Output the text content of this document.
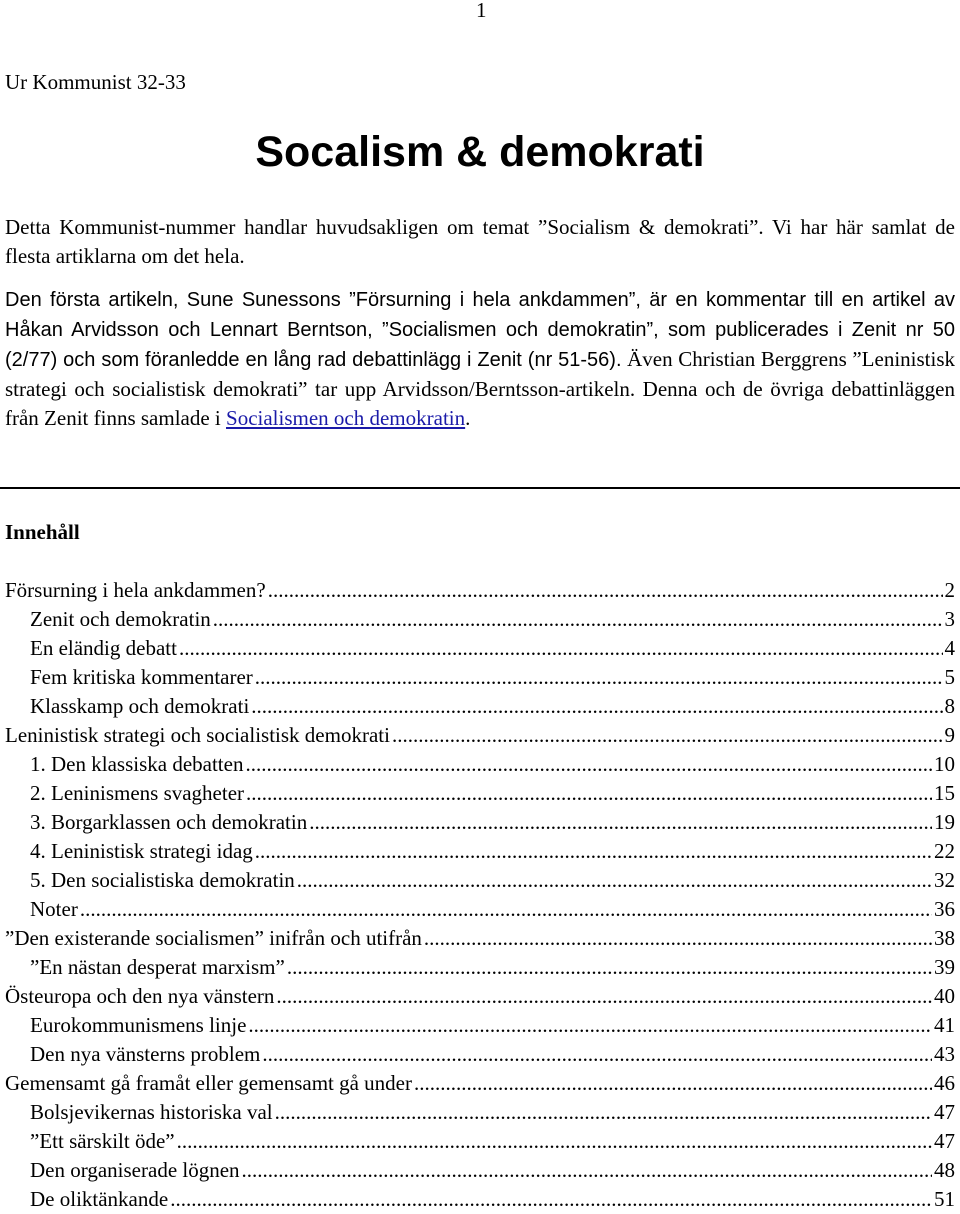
1
Ur Kommunist 32-33
Socalism & demokrati

Detta Kommunist-nummer handlar huvudsakligen om temat ”Socialism & demokrati”. Vi har här samlat de flesta artiklarna om det hela.

Den första artikeln, Sune Sunessons ”Försurning i hela ankdammen”, är en kommentar till en artikel av Håkan Arvidsson och Lennart Berntson, ”Socialismen och demokratin”, som publicerades i Zenit nr 50 (2/77) och som föranledde en lång rad debattinlägg i Zenit (nr 51-56). Även Christian Berggrens ”Leninistisk strategi och socialistisk demokrati” tar upp Arvidsson/Berntsson-artikeln. Denna och de övriga debattinläggen från Zenit finns samlade i Socialismen och demokratin.

Innehåll
Försurning i hela ankdammen? .....	2
Zenit och demokratin .....	3
En eländig debatt .....	4
Fem kritiska kommentarer .....	5
Klasskamp och demokrati .....	8
Leninistisk strategi och socialistisk demokrati .....	9
1. Den klassiska debatten .....	10
2. Leninismens svagheter .....	15
3. Borgarklassen och demokratin .....	19
4. Leninistisk strategi idag .....	22
5. Den socialistiska demokratin .....	32
Noter .....	36
”Den existerande socialismen” inifrån och utifrån .....	38
”En nästan desperat marxism” .....	39
Östeuropa och den nya vänstern .....	40
Eurokommunismens linje .....	41
Den nya vänsterns problem .....	43
Gemensamt gå framåt eller gemensamt gå under .....	46
Bolsjevikernas historiska val .....	47
”Ett särskilt öde” .....	47
Den organiserade lögnen .....	48
De oliktänkande .....	51
